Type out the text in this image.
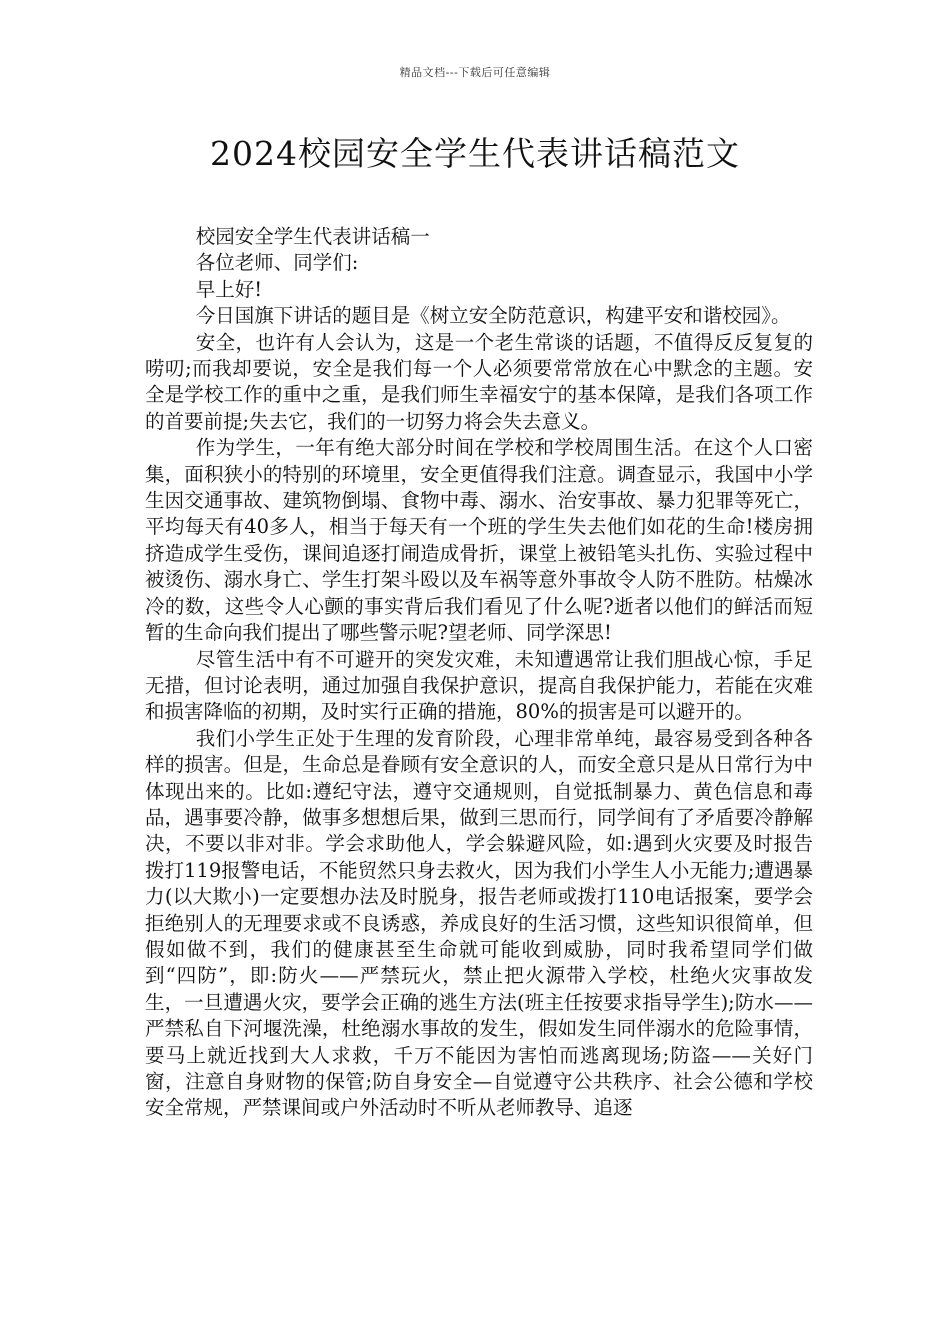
精品文档---下载后可任意编辑
2024校园安全学生代表讲话稿范文

校园安全学生代表讲话稿一

各位老师、同学们:

早上好!

今日国旗下讲话的题目是《树立安全防范意识，构建平安和谐校园》。

安全，也许有人会认为，这是一个老生常谈的话题，不值得反反复复的唠叨;而我却要说，安全是我们每一个人必须要常常放在心中默念的主题。安全是学校工作的重中之重，是我们师生幸福安宁的基本保障，是我们各项工作的首要前提;失去它，我们的一切努力将会失去意义。

作为学生，一年有绝大部分时间在学校和学校周围生活。在这个人口密集，面积狭小的特别的环境里，安全更值得我们注意。调查显示，我国中小学生因交通事故、建筑物倒塌、食物中毒、溺水、治安事故、暴力犯罪等死亡，平均每天有40多人，相当于每天有一个班的学生失去他们如花的生命!楼房拥挤造成学生受伤，课间追逐打闹造成骨折，课堂上被铅笔头扎伤、实验过程中被烫伤、溺水身亡、学生打架斗殴以及车祸等意外事故令人防不胜防。枯燥冰冷的数，这些令人心颤的事实背后我们看见了什么呢?逝者以他们的鲜活而短暂的生命向我们提出了哪些警示呢?望老师、同学深思!

尽管生活中有不可避开的突发灾难，未知遭遇常让我们胆战心惊，手足无措，但讨论表明，通过加强自我保护意识，提高自我保护能力，若能在灾难和损害降临的初期，及时实行正确的措施，80%的损害是可以避开的。

我们小学生正处于生理的发育阶段，心理非常单纯，最容易受到各种各样的损害。但是，生命总是眷顾有安全意识的人，而安全意只是从日常行为中体现出来的。比如:遵纪守法，遵守交通规则，自觉抵制暴力、黄色信息和毒品，遇事要冷静，做事多想想后果，做到三思而行，同学间有了矛盾要冷静解决，不要以非对非。学会求助他人，学会躲避风险，如:遇到火灾要及时报告拨打119报警电话，不能贸然只身去救火，因为我们小学生人小无能力;遭遇暴力(以大欺小)一定要想办法及时脱身，报告老师或拨打110电话报案，要学会拒绝别人的无理要求或不良诱惑，养成良好的生活习惯，这些知识很简单，但假如做不到，我们的健康甚至生命就可能收到威胁，同时我希望同学们做到“四防”，即:防火——严禁玩火，禁止把火源带入学校，杜绝火灾事故发生，一旦遭遇火灾，要学会正确的逃生方法(班主任按要求指导学生);防水——严禁私自下河堰洗澡，杜绝溺水事故的发生，假如发生同伴溺水的危险事情，要马上就近找到大人求救，千万不能因为害怕而逃离现场;防盗——关好门窗，注意自身财物的保管;防自身安全—自觉遵守公共秩序、社会公德和学校安全常规，严禁课间或户外活动时不听从老师教导、追逐
